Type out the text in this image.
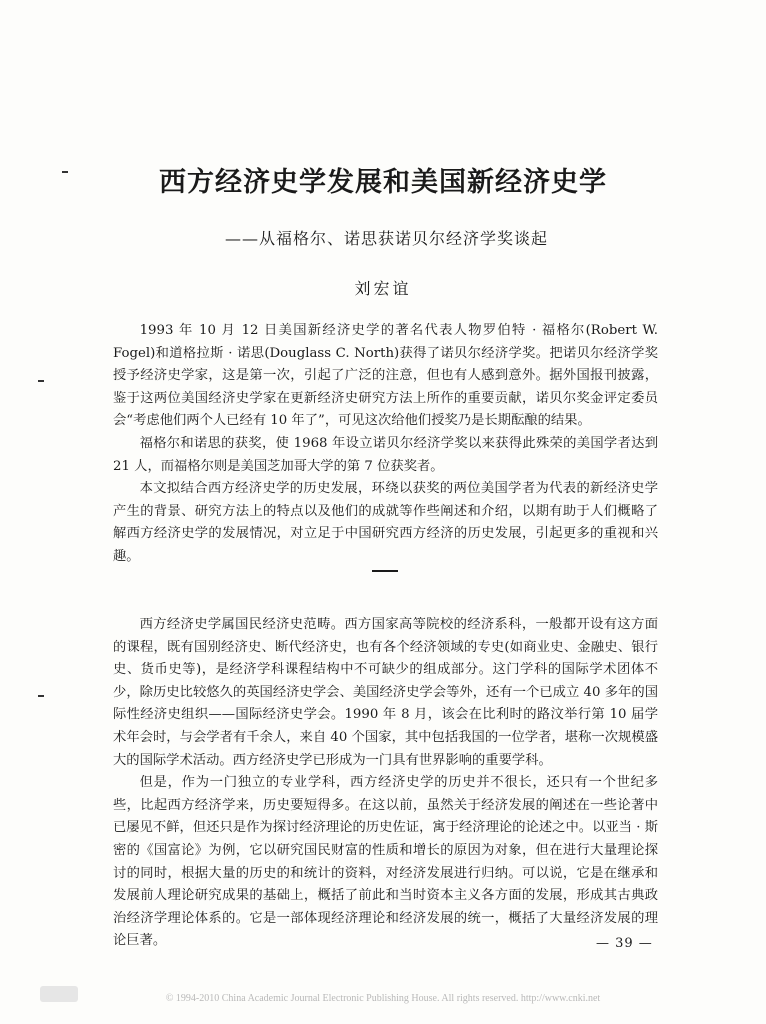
西方经济史学发展和美国新经济史学
——从福格尔、诺思获诺贝尔经济学奖谈起
刘宏谊

1993 年 10 月 12 日美国新经济史学的著名代表人物罗伯特 · 福格尔(Robert W. Fogel)和道格拉斯 · 诺思(Douglass C. North)获得了诺贝尔经济学奖。把诺贝尔经济学奖授予经济史学家，这是第一次，引起了广泛的注意，但也有人感到意外。据外国报刊披露，鉴于这两位美国经济史学家在更新经济史研究方法上所作的重要贡献，诺贝尔奖金评定委员会“考虑他们两个人已经有 10 年了”，可见这次给他们授奖乃是长期酝酿的结果。

福格尔和诺思的获奖，使 1968 年设立诺贝尔经济学奖以来获得此殊荣的美国学者达到 21 人，而福格尔则是美国芝加哥大学的第 7 位获奖者。

本文拟结合西方经济史学的历史发展，环绕以获奖的两位美国学者为代表的新经济史学产生的背景、研究方法上的特点以及他们的成就等作些阐述和介绍，以期有助于人们概略了解西方经济史学的发展情况，对立足于中国研究西方经济的历史发展，引起更多的重视和兴趣。

西方经济史学属国民经济史范畴。西方国家高等院校的经济系科，一般都开设有这方面的课程，既有国别经济史、断代经济史，也有各个经济领域的专史(如商业史、金融史、银行史、货币史等)，是经济学科课程结构中不可缺少的组成部分。这门学科的国际学术团体不少，除历史比较悠久的英国经济史学会、美国经济史学会等外，还有一个已成立 40 多年的国际性经济史组织——国际经济史学会。1990 年 8 月，该会在比利时的路汶举行第 10 届学术年会时，与会学者有千余人，来自 40 个国家，其中包括我国的一位学者，堪称一次规模盛大的国际学术活动。西方经济史学已形成为一门具有世界影响的重要学科。

但是，作为一门独立的专业学科，西方经济史学的历史并不很长，还只有一个世纪多些，比起西方经济学来，历史要短得多。在这以前，虽然关于经济发展的阐述在一些论著中已屡见不鲜，但还只是作为探讨经济理论的历史佐证，寓于经济理论的论述之中。以亚当 · 斯密的《国富论》为例，它以研究国民财富的性质和增长的原因为对象，但在进行大量理论探讨的同时，根据大量的历史的和统计的资料，对经济发展进行归纳。可以说，它是在继承和发展前人理论研究成果的基础上，概括了前此和当时资本主义各方面的发展，形成其古典政治经济学理论体系的。它是一部体现经济理论和经济发展的统一，概括了大量经济发展的理论巨著。	— 39 —
© 1994-2010 China Academic Journal Electronic Publishing House. All rights reserved. http://www.cnki.net
